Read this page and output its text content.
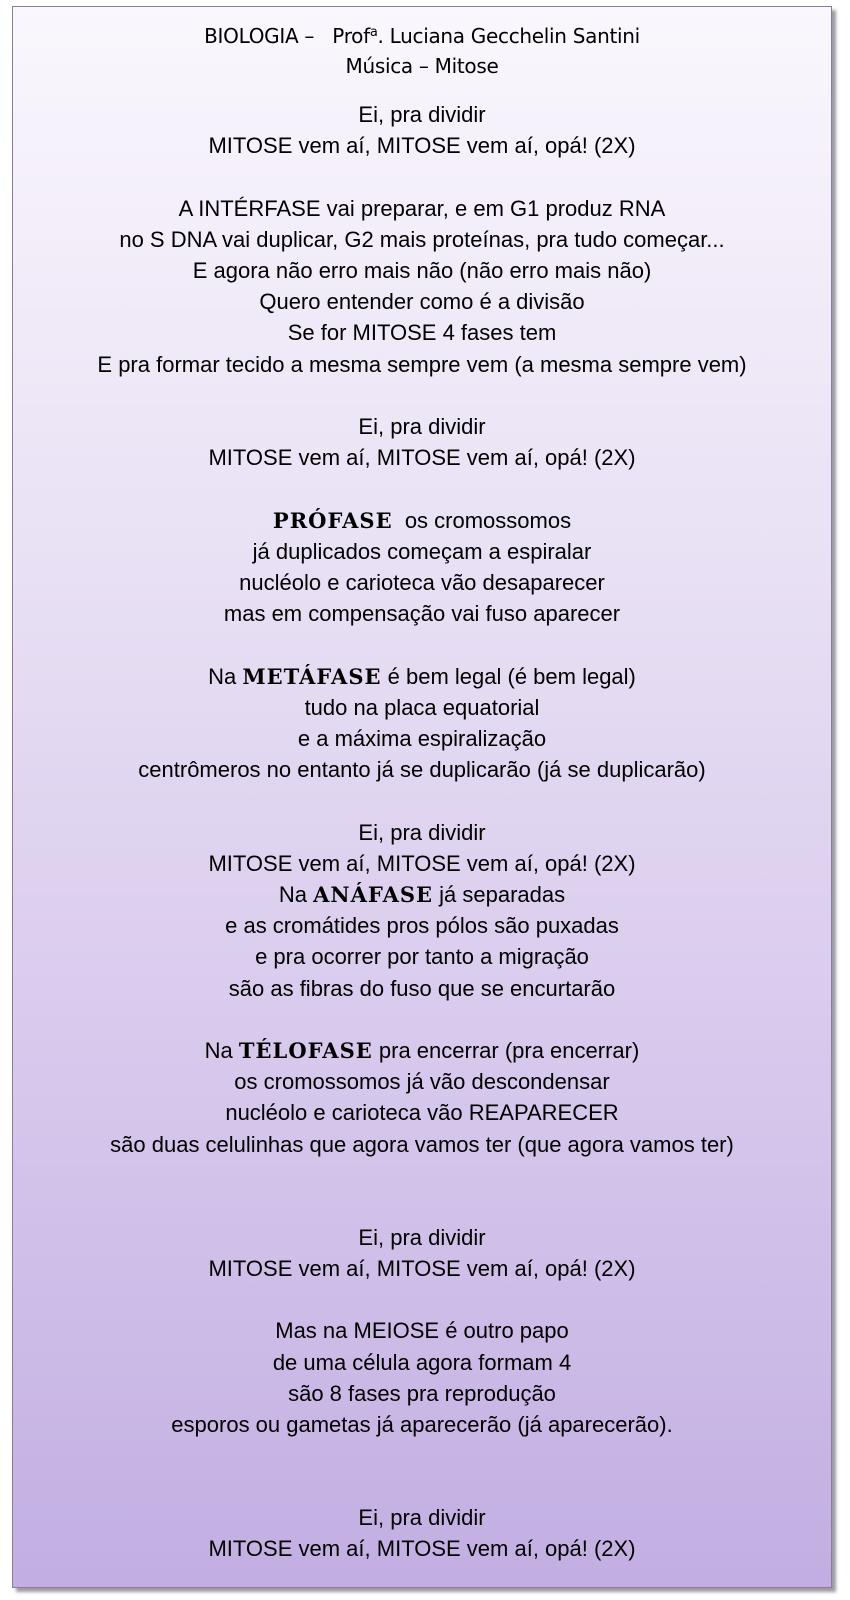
BIOLOGIA – Prof$^a$. Luciana Gecchelin Santini
Música – Mitose
Ei, pra dividir
MITOSE vem aí, MITOSE vem aí, opá! (2X)
A INTÉRFASE vai preparar, e em G1 produz RNA
no S DNA vai duplicar, G2 mais proteínas, pra tudo começar...
E agora não erro mais não (não erro mais não)
Quero entender como é a divisão
Se for MITOSE 4 fases tem
E pra formar tecido a mesma sempre vem (a mesma sempre vem)
Ei, pra dividir
MITOSE vem aí, MITOSE vem aí, opá! (2X)
PRÓFASE  os cromossomos
já duplicados começam a espiralar
nucléolo e carioteca vão desaparecer
mas em compensação vai fuso aparecer
Na METÁFASE é bem legal (é bem legal)
tudo na placa equatorial
e a máxima espiralização
centrômeros no entanto já se duplicarão (já se duplicarão)
Ei, pra dividir
MITOSE vem aí, MITOSE vem aí, opá! (2X)
Na ANÁFASE já separadas
e as cromátides pros pólos são puxadas
e pra ocorrer por tanto a migração
são as fibras do fuso que se encurtarão
Na TÉLOFASE pra encerrar (pra encerrar)
os cromossomos já vão descondensar
nucléolo e carioteca vão REAPARECER
são duas celulinhas que agora vamos ter (que agora vamos ter)
Ei, pra dividir
MITOSE vem aí, MITOSE vem aí, opá! (2X)
Mas na MEIOSE é outro papo
de uma célula agora formam 4
são 8 fases pra reprodução
esporos ou gametas já aparecerão (já aparecerão).
Ei, pra dividir
MITOSE vem aí, MITOSE vem aí, opá! (2X)
